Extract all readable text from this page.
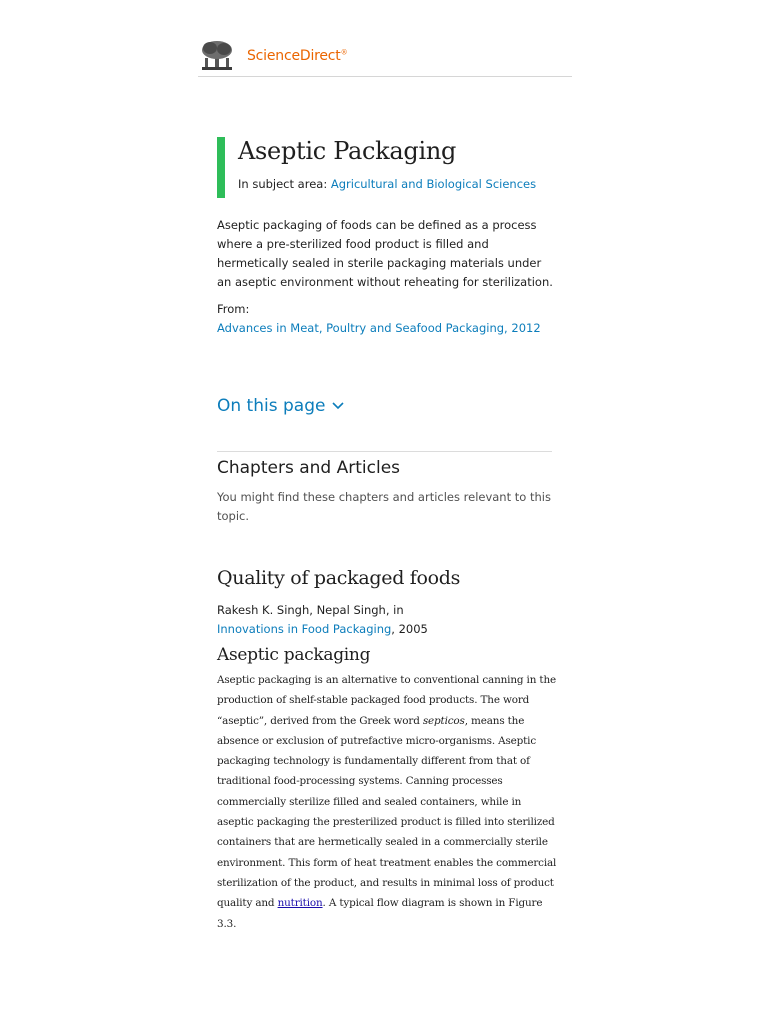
ScienceDirect®
Aseptic Packaging
In subject area: Agricultural and Biological Sciences

Aseptic packaging of foods can be defined as a process where a pre-sterilized food product is filled and hermetically sealed in sterile packaging materials under an aseptic environment without reheating for sterilization.

From:
Advances in Meat, Poultry and Seafood Packaging, 2012
On this page
Chapters and Articles

You might find these chapters and articles relevant to this topic.

Quality of packaged foods
Rakesh K. Singh, Nepal Singh, in
Innovations in Food Packaging, 2005
Aseptic packaging

Aseptic packaging is an alternative to conventional canning in the production of shelf-stable packaged food products. The word “aseptic”, derived from the Greek word septicos, means the absence or exclusion of putrefactive micro-organisms. Aseptic packaging technology is fundamentally different from that of traditional food-processing systems. Canning processes commercially sterilize filled and sealed containers, while in aseptic packaging the presterilized product is filled into sterilized containers that are hermetically sealed in a commercially sterile environment. This form of heat treatment enables the commercial sterilization of the product, and results in minimal loss of product quality and nutrition. A typical flow diagram is shown in Figure 3.3.
